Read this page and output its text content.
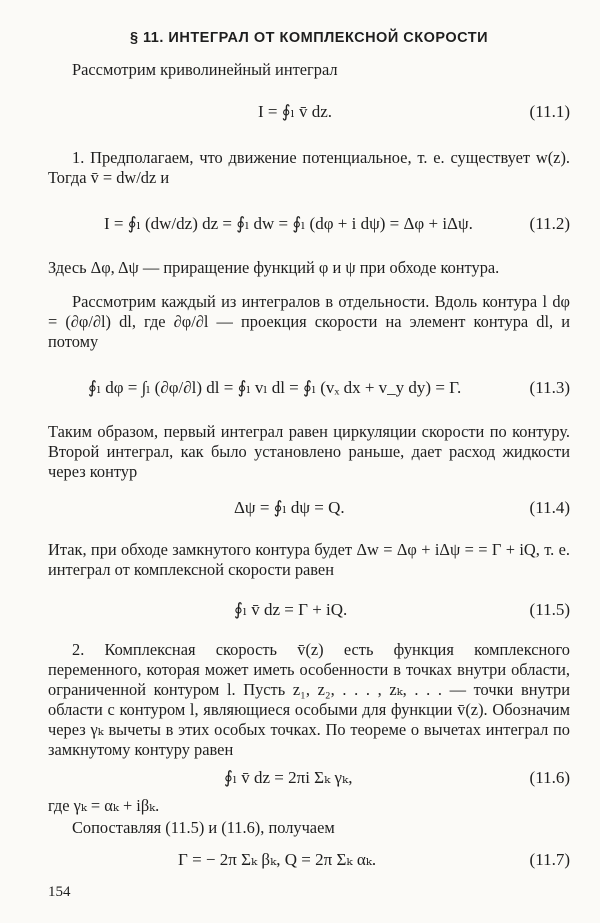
§ 11. ИНТЕГРАЛ ОТ КОМПЛЕКСНОЙ СКОРОСТИ

Рассмотрим криволинейный интеграл

I = ∮ₗ v̄ dz.	(11.1)

1. Предполагаем, что движение потенциальное, т. е. существует w(z). Тогда v̄ = dw/dz и

I = ∮ₗ (dw/dz) dz = ∮ₗ dw = ∮ₗ (dφ + i dψ) = Δφ + iΔψ.	(11.2)

Здесь Δφ, Δψ — приращение функций φ и ψ при обходе контура.

Рассмотрим каждый из интегралов в отдельности. Вдоль контура l dφ = (∂φ/∂l) dl, где ∂φ/∂l — проекция скорости на элемент контура dl, и потому

∮ₗ dφ = ∫ₗ (∂φ/∂l) dl = ∮ₗ vₗ dl = ∮ₗ (vₓ dx + v_y dy) = Γ.	(11.3)

Таким образом, первый интеграл равен циркуляции скорости по контуру. Второй интеграл, как было установлено раньше, дает расход жидкости через контур

Δψ = ∮ₗ dψ = Q.	(11.4)

Итак, при обходе замкнутого контура будет Δw = Δφ + iΔψ = = Γ + iQ, т. е. интеграл от комплексной скорости равен

∮ₗ v̄ dz = Γ + iQ.	(11.5)

2. Комплексная скорость v̄(z) есть функция комплексного переменного, которая может иметь особенности в точках внутри области, ограниченной контуром l. Пусть z₁, z₂, . . . , zₖ, . . . — точки внутри области с контуром l, являющиеся особыми для функции v̄(z). Обозначим через γₖ вычеты в этих особых точках. По теореме о вычетах интеграл по замкнутому контуру равен

∮ₗ v̄ dz = 2πi Σₖ γₖ,	(11.6)

где γₖ = αₖ + iβₖ.

Сопоставляя (11.5) и (11.6), получаем

Γ = − 2π Σₖ βₖ, Q = 2π Σₖ αₖ.	(11.7)
154
